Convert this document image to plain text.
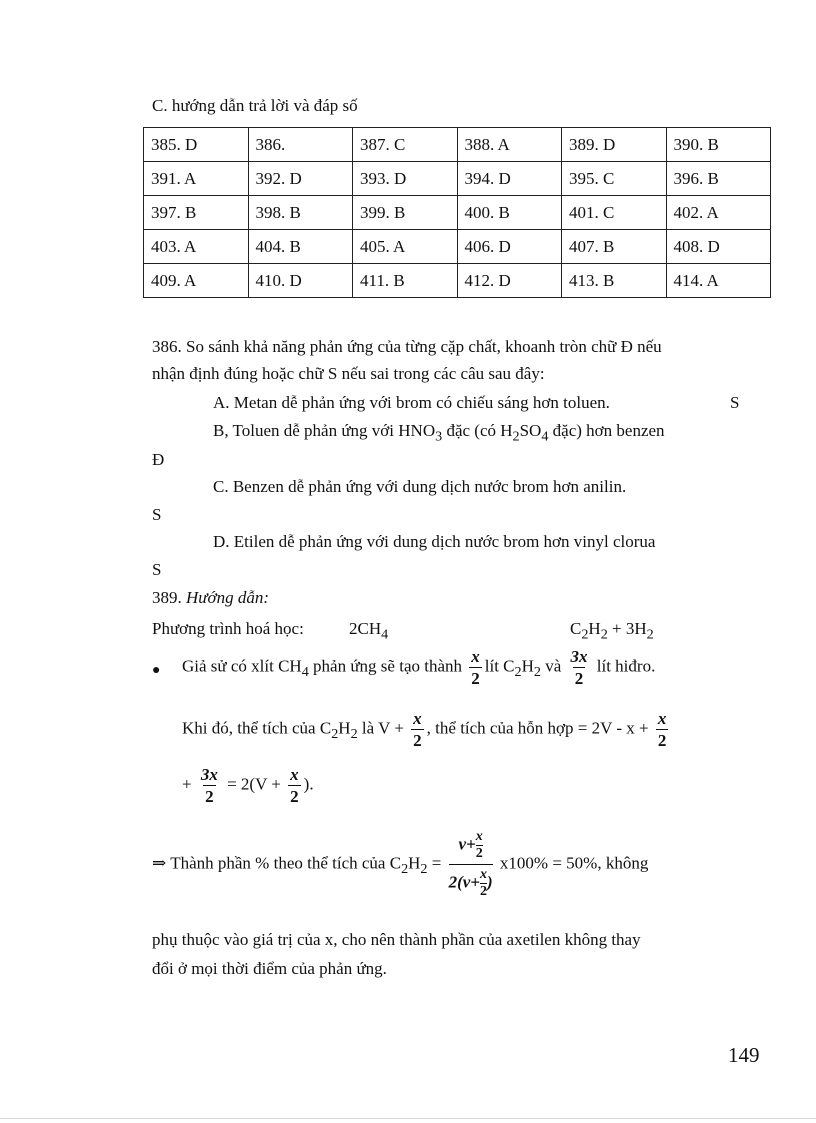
C. hướng dẫn trả lời và đáp số
385. D	386.	387. C	388. A	389. D	390. B
391. A	392. D	393. D	394. D	395. C	396. B
397. B	398. B	399. B	400. B	401. C	402. A
403. A	404. B	405. A	406. D	407. B	408. D
409. A	410. D	411. B	412. D	413. B	414. A
386. So sánh khả năng phản ứng của từng cặp chất, khoanh tròn chữ Đ nếu
nhận định đúng hoặc chữ S nếu sai trong các câu sau đây:
A. Metan dễ phản ứng với brom có chiếu sáng hơn toluen.	S
B, Toluen dễ phản ứng với $HNO_3$ đặc (có $H_2SO_4$ đặc) hơn benzen
Đ
C. Benzen dễ phản ứng với dung dịch nước brom hơn anilin.
S
D. Etilen dễ phản ứng với dung dịch nước brom hơn vinyl clorua
S
389. Hướng dẫn:
Phương trình hoá học:	$2CH_4$	$C_2H_2 + 3H_2$
● Giả sử có xlít $CH_4$ phản ứng sẽ tạo thành $\frac{x}{2}$ lít $C_2H_2$ và $\frac{3x}{2}$ lít hiđro.
Khi đó, thể tích của $C_2H_2$ là $V + \frac{x}{2}$ , thể tích của hỗn hợp = $2V - x + \frac{x}{2}$
+ $\frac{3x}{2} = 2(V + \frac{x}{2}$ ).
⇒ Thành phần % theo thể tích của $C_2H_2 = \frac{v+ \frac{x}{2}}{2(v+ \frac{x}{2} )} x100\% = 50\%$, không
phụ thuộc vào giá trị của x, cho nên thành phần của axetilen không thay
đổi ở mọi thời điểm của phản ứng.
149
